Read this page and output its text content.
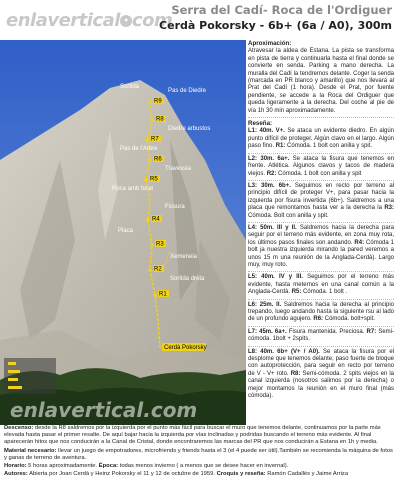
enlavertical • com Serra del Cadí- Roca de l'Ordiguer
Cerdà Pokorsky - 6b+ (6a / A0), 300m
R9
R8
R7
R6
R5
R4
R3
R2
R1
Pas de Diedre
Sortida
Diedre arbustos
Pas de l'Arbre
Travessia
Roca amb forat
Fissura
Placa
Xemeneia
Sortida dreta
Cerdà Pokorsky
enlavertical.com
Aproximación:

Atravesar la aldea de Estana. La pista se transforma en pista de tierra y continuarla hasta el final donde se convierte en senda. Parking a mano derecha. La muralla del Cadí la tendremos delante. Coger la senda (marcada en PR blanco y amarillo) que nos llevará al Prat del Cadí (1 hora). Desde el Prat, por fuente pendiente, se accede a la Roca del Ordiguer que queda ligeramente a la derecha. Del coche al pie de vía 1h 30 min aproximadamente.

Reseña:
L1: 40m. V+. Se ataca un evidente diedro. En algún punto difícil de proteger. Algún clavo en el largo. Algún paso fino. R1: Cómoda. 1 bolt con anilla y spit.
L2: 30m. 6a+. Se ataca la fisura que tenemos en frente. Atlética. Algunos clavos y tacos de madera viejos. R2: Cómoda. 1 bolt con anilla y spit
L3: 30m. 6b+. Seguimos en recto por terreno al principio difícil de proteger V+, para pasar hacia la izquierda por fisura invertida (6b+). Saldremos a una placa que remontamos hasta ver a la derecha la R3: Cómoda. Bolt con anilla y spit.
L4: 50m. III y II. Saldremos hacia la derecha para seguir por el terreno más evidente, en zona muy rota, los últimos pasos finales son andando. R4: Cómoda 1 bolt ja nuestra izquierda mirando la pared veremos a unos 15 m una reunión de la Anglada-Cerdà). Largo muy, muy roto.
L5: 40m. IV y III. Seguimos por el terreno más evidente, hasta meternos en una canal común a la Anglada-Cerdà. R5: Cómoda. 1 bolt .
L6: 25m. II. Saldremos hacia la derecha al principio trepando, luego andando hasta la siguiente rsu al lado de un profundo agujero. R6: Cómoda. bolt+spit.
L7: 45m. 6a+. Fisura mantenida. Preciosa. R7: Semi-cómoda. 1bolt + 2spits.
L8: 40m. 6b+ (V+ / A0). Se ataca la fisura por el desplome que tenemos delante, paso fuerte de bloque con autoprotección, para seguir en recto por terreno de V - V+ roto. R8: Semi-cómoda. 2 spits viejos en la canal izquierda (nosotros salimos por la derecha) o mejor montamos la reunión en el muro final (más cómoda).

Descenso: desde la R8 saldremos por la izquierda por el punto más fácil para buscar el muro que tenemos delante, continuamos por la parte más elevada hasta pasar el primer resalte. De aquí bajar hacia la izquierda por vías inclinadas y podridas buscando el terreno más evidente. Al final aparecerán hitos que nos conducirán a la Canal de Cristal, donde encontraremos las marcas del PR que nos conducirán a Estana en 1h y media.

Material necesario: llevar un juego de empotradores, microfriends y friends hasta el 3 (el 4 puede ser útil).También se recomienda la máquina de fotos y ganas de terreno de aventura.

Horario: 5 horas aproximadamente. Época: todas menos invierno ( a menos que se desee hacer en invernal).

Autores: Abierta por Joan Cerdà y Heinz Pokorsky el 11 y 12 de octubre de 1959. Croquis y reseña: Ramón Cadallès y Jaime Arriza
